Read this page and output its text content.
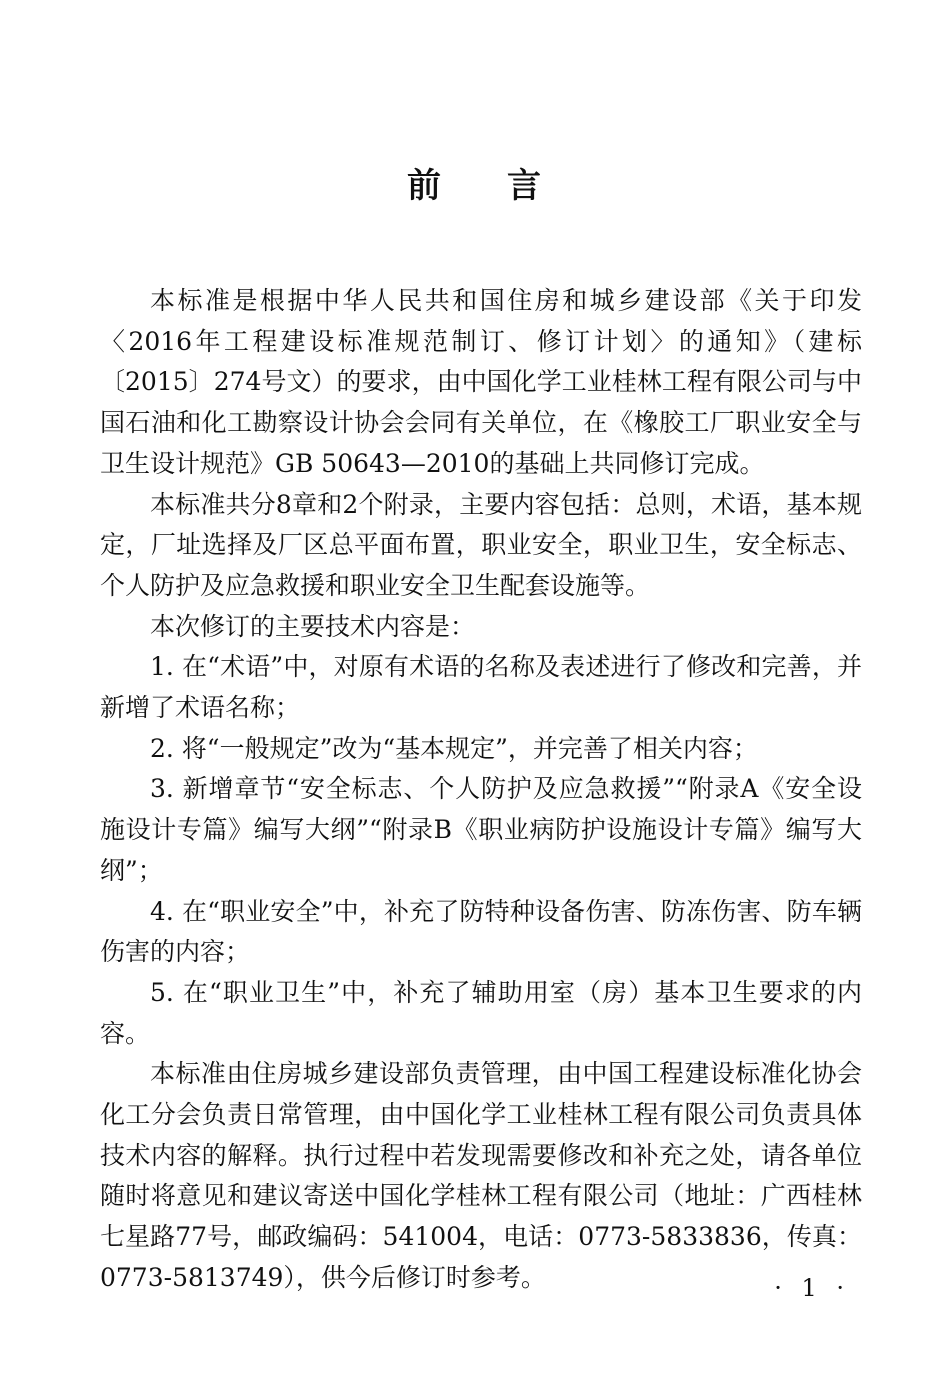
前 言

本标准是根据中华人民共和国住房和城乡建设部《关于印发〈2016年工程建设标准规范制订、修订计划〉的通知》（建标〔2015〕274号文）的要求，由中国化学工业桂林工程有限公司与中国石油和化工勘察设计协会会同有关单位，在《橡胶工厂职业安全与卫生设计规范》GB 50643—2010的基础上共同修订完成。

本标准共分8章和2个附录，主要内容包括：总则，术语，基本规定，厂址选择及厂区总平面布置，职业安全，职业卫生，安全标志、个人防护及应急救援和职业安全卫生配套设施等。

本次修订的主要技术内容是：

1. 在“术语”中，对原有术语的名称及表述进行了修改和完善，并新增了术语名称；

2. 将“一般规定”改为“基本规定”，并完善了相关内容；

3. 新增章节“安全标志、个人防护及应急救援”“附录A《安全设施设计专篇》编写大纲”“附录B《职业病防护设施设计专篇》编写大纲”；

4. 在“职业安全”中，补充了防特种设备伤害、防冻伤害、防车辆伤害的内容；

5. 在“职业卫生”中，补充了辅助用室（房）基本卫生要求的内容。

本标准由住房城乡建设部负责管理，由中国工程建设标准化协会化工分会负责日常管理，由中国化学工业桂林工程有限公司负责具体技术内容的解释。执行过程中若发现需要修改和补充之处，请各单位随时将意见和建议寄送中国化学桂林工程有限公司（地址：广西桂林七星路77号，邮政编码：541004，电话：0773-5833836，传真：0773-5813749），供今后修订时参考。	· 1 ·
